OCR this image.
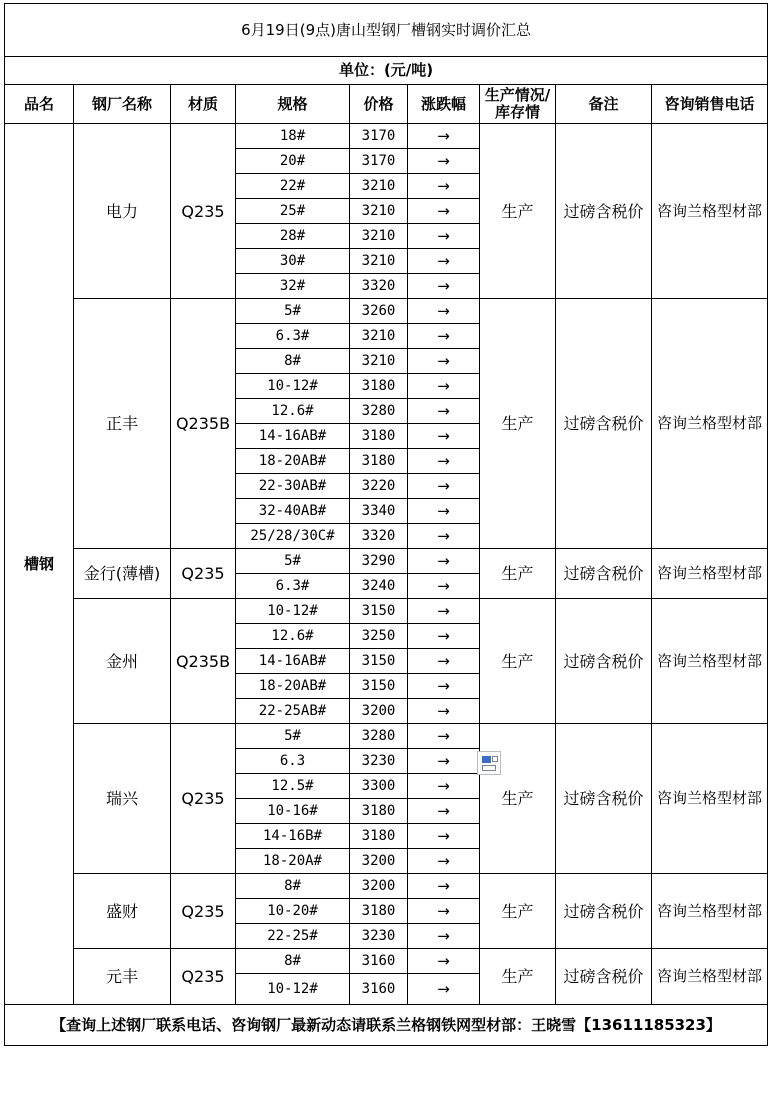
6月19日(9点)唐山型钢厂槽钢实时调价汇总								
单位：(元/吨)								
品名	钢厂名称	材质	规格	价格	涨跌幅	生产情况/库存情	备注	咨询销售电话
槽钢	电力	Q235	18#	3170	→	生产	过磅含税价	咨询兰格型材部
			20#	3170	→			
			22#	3210	→			
			25#	3210	→			
			28#	3210	→			
			30#	3210	→			
			32#	3320	→			
	正丰	Q235B	5#	3260	→	生产	过磅含税价	咨询兰格型材部
			6.3#	3210	→			
			8#	3210	→			
			10-12#	3180	→			
			12.6#	3280	→			
			14-16AB#	3180	→			
			18-20AB#	3180	→			
			22-30AB#	3220	→			
			32-40AB#	3340	→			
			25/28/30C#	3320	→			
	金行(薄槽)	Q235	5#	3290	→	生产	过磅含税价	咨询兰格型材部
			6.3#	3240	→			
	金州	Q235B	10-12#	3150	→	生产	过磅含税价	咨询兰格型材部
			12.6#	3250	→			
			14-16AB#	3150	→			
			18-20AB#	3150	→			
			22-25AB#	3200	→			
	瑞兴	Q235	5#	3280	→	生产	过磅含税价	咨询兰格型材部
			6.3	3230	→			
			12.5#	3300	→			
			10-16#	3180	→			
			14-16B#	3180	→			
			18-20A#	3200	→			
	盛财	Q235	8#	3200	→	生产	过磅含税价	咨询兰格型材部
			10-20#	3180	→			
			22-25#	3230	→			
	元丰	Q235	8#	3160	→	生产	过磅含税价	咨询兰格型材部
			10-12#	3160	→			
【查询上述钢厂联系电话、咨询钢厂最新动态请联系兰格钢铁网型材部：王晓雪【13611185323】								
